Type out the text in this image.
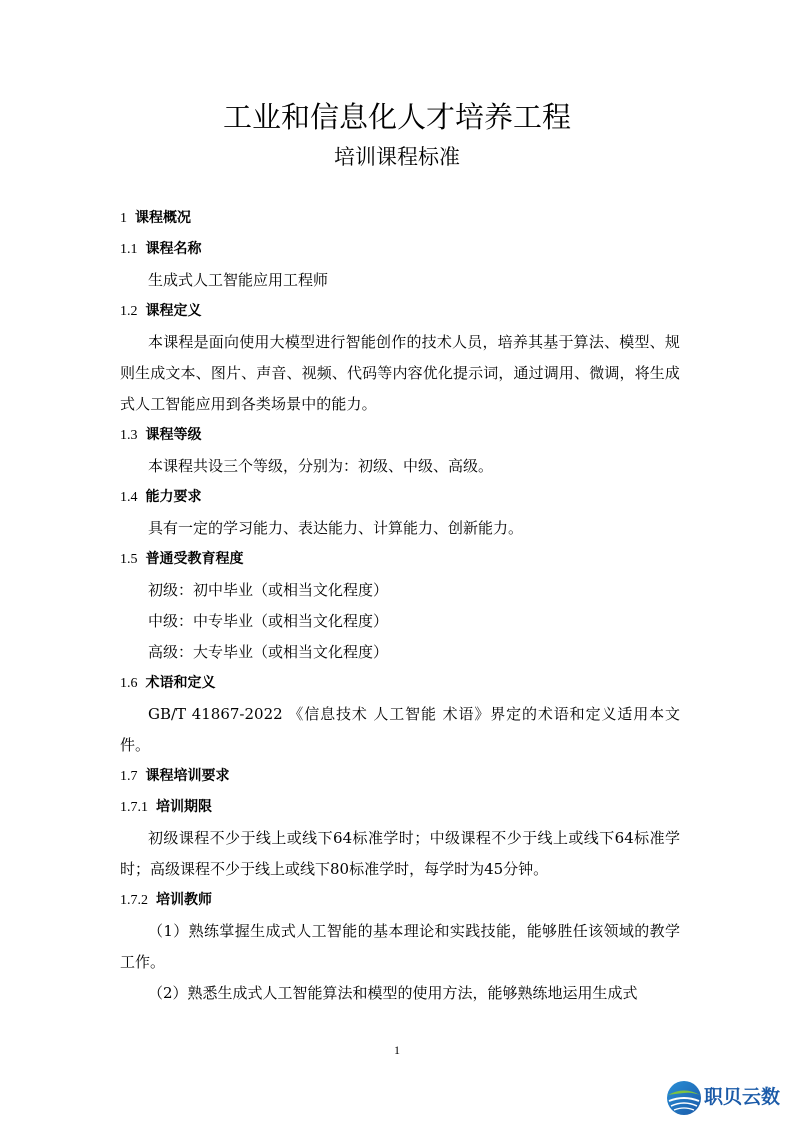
工业和信息化人才培养工程
培训课程标准
1 课程概况
1.1 课程名称
生成式人工智能应用工程师
1.2 课程定义
本课程是面向使用大模型进行智能创作的技术人员，培养其基于算法、模型、规则生成文本、图片、声音、视频、代码等内容优化提示词，通过调用、微调，将生成式人工智能应用到各类场景中的能力。
1.3 课程等级
本课程共设三个等级，分别为：初级、中级、高级。
1.4 能力要求
具有一定的学习能力、表达能力、计算能力、创新能力。
1.5 普通受教育程度
初级：初中毕业（或相当文化程度）
中级：中专毕业（或相当文化程度）
高级：大专毕业（或相当文化程度）
1.6 术语和定义
GB/T 41867-2022 《信息技术 人工智能 术语》界定的术语和定义适用本文件。
1.7 课程培训要求
1.7.1 培训期限
初级课程不少于线上或线下64标准学时；中级课程不少于线上或线下64标准学时；高级课程不少于线上或线下80标准学时，每学时为45分钟。
1.7.2 培训教师
（1）熟练掌握生成式人工智能的基本理论和实践技能，能够胜任该领域的教学工作。
（2）熟悉生成式人工智能算法和模型的使用方法，能够熟练地运用生成式
1
职贝云数
